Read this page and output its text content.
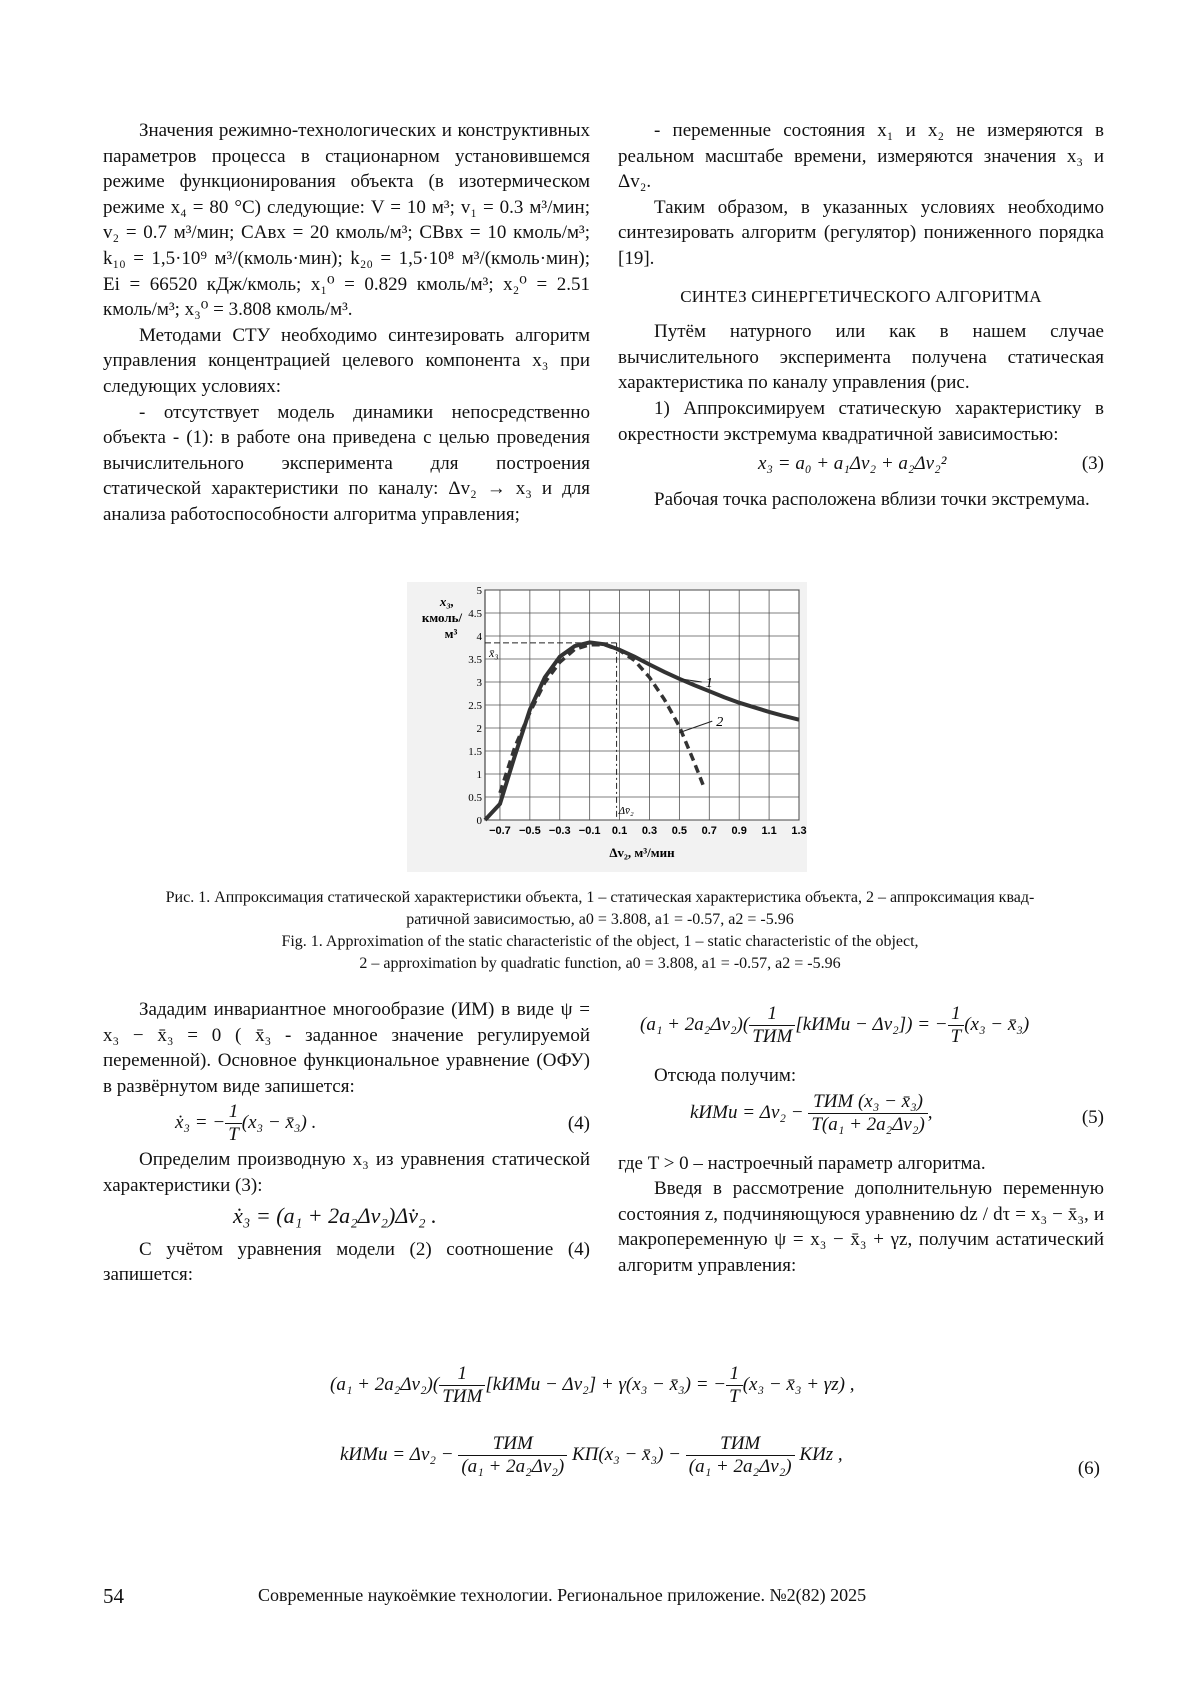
Значения режимно-технологических и конструктивных параметров процесса в стационарном установившемся режиме функционирования объекта (в изотермическом режиме x₄ = 80 °С) следующие: V = 10 м³; v₁ = 0.3 м³/мин; v₂ = 0.7 м³/мин; CАвх = 20 кмоль/м³; CВвх = 10 кмоль/м³; k₁₀ = 1,5·10⁹ м³/(кмоль·мин); k₂₀ = 1,5·10⁸ м³/(кмоль·мин); Ei = 66520 кДж/кмоль; x₁⁰ = 0.829 кмоль/м³; x₂⁰ = 2.51 кмоль/м³; x₃⁰ = 3.808 кмоль/м³.

Методами СТУ необходимо синтезировать алгоритм управления концентрацией целевого компонента x₃ при следующих условиях:

- отсутствует модель динамики непосредственно объекта - (1): в работе она приведена с целью проведения вычислительного эксперимента для построения статической характеристики по каналу: Δv₂ → x₃ и для анализа работоспособности алгоритма управления;

- переменные состояния x₁ и x₂ не измеряются в реальном масштабе времени, измеряются значения x₃ и Δv₂.

Таким образом, в указанных условиях необходимо синтезировать алгоритм (регулятор) пониженного порядка [19].

СИНТЕЗ СИНЕРГЕТИЧЕСКОГО АЛГОРИТМА

Путём натурного или как в нашем случае вычислительного эксперимента получена статическая характеристика по каналу управления (рис.

1) Аппроксимируем статическую характеристику в окрестности экстремума квадратичной зависимостью:

x₃ = a₀ + a₁Δv₂ + a₂Δv₂²	(3)

Рабочая точка расположена вблизи точки экстремума.

0
0.5
1
1.5
2
2.5
3
3.5
4
4.5
5
−0.7 −0.5 −0.3 −0.1 0.1 0.3 0.5 0.7 0.9 1.1 1.3
x₃,
кмоль/
м³
Δv₂, м³/мин
x̄₃
Δv̄₂
1
2

Рис. 1. Аппроксимация статической характеристики объекта, 1 – статическая характеристика объекта, 2 – аппроксимация квад-

ратичной зависимостью, a0 = 3.808, a1 = -0.57, a2 = -5.96

Fig. 1. Approximation of the static characteristic of the object, 1 – static characteristic of the object,

2 – approximation by quadratic function, a0 = 3.808, a1 = -0.57, a2 = -5.96

Зададим инвариантное многообразие (ИМ) в виде ψ = x₃ − x̄₃ = 0 ( x̄₃ - заданное значение регулируемой переменной). Основное функциональное уравнение (ОФУ) в развёрнутом виде запишется:

ẋ₃ = − $\frac{1}{T} (x_3$ − x̄₃) .	(4)

Определим производную x₃ из уравнения статической характеристики (3):

ẋ₃ = (a₁ + 2a₂Δv₂)Δv̇₂ .

С учётом уравнения модели (2) соотношение (4) запишется:

$(a_1 + 2a_2\Delta v_2)( \frac{1}{\text{TИМ}}$ [kИМu − Δv₂]) = − $\frac{1}{T} (x_3$ − x̄₃)

Отсюда получим:

kИМu = $\Delta v_2 - \frac{\text{TИМ (x₃ − x̄₃)}}{\text{T(a₁ + 2a₂Δv₂)}}$ ,	(5)

где T > 0 – настроечный параметр алгоритма.

Введя в рассмотрение дополнительную переменную состояния z, подчиняющуюся уравнению dz / dτ = x₃ − x̄₃, и макропеременную ψ = x₃ − x̄₃ + γz, получим астатический алгоритм управления:

$(a_1 + 2a_2\Delta v_2)( \frac{1}{\text{TИМ}}$ [kИМu − Δv₂] + γ(x₃ − x̄₃) = − $\frac{1}{T} (x_3$ − x̄₃ + γz) ,
kИМu = $\Delta v_2 - \frac{\text{TИМ}}{\text{(a₁ + 2a₂Δv₂)}} KП(x_3$ − x̄₃) − $\frac{\text{TИМ}}{\text{(a₁ + 2a₂Δv₂)}}$ KИz ,
(6)
54	Современные наукоёмкие технологии. Региональное приложение. №2(82) 2025
